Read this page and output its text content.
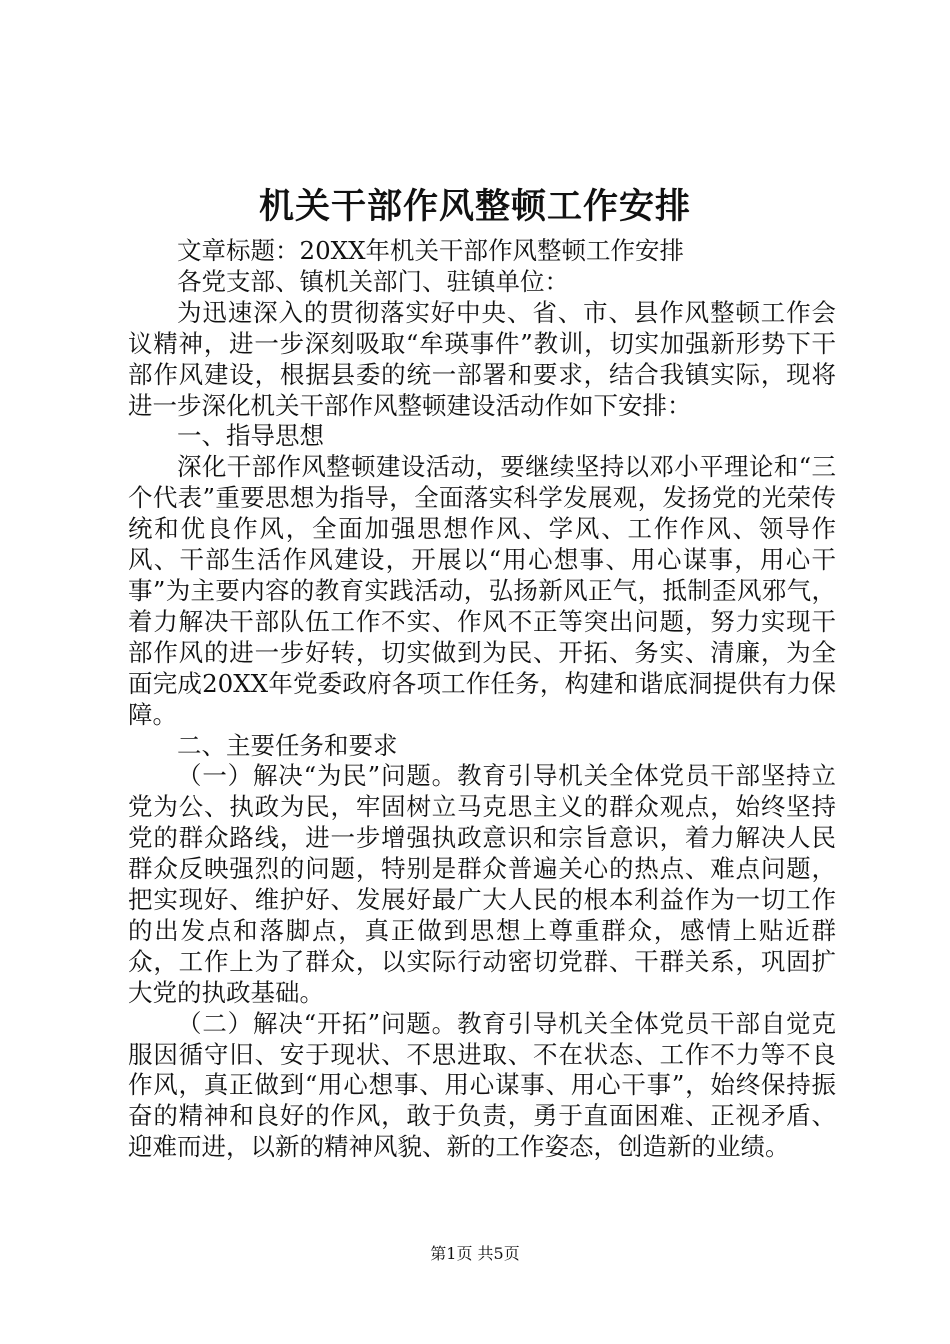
机关干部作风整顿工作安排

文章标题：20XX年机关干部作风整顿工作安排

各党支部、镇机关部门、驻镇单位：

为迅速深入的贯彻落实好中央、省、市、县作风整顿工作会议精神，进一步深刻吸取“牟瑛事件”教训，切实加强新形势下干部作风建设，根据县委的统一部署和要求，结合我镇实际，现将进一步深化机关干部作风整顿建设活动作如下安排：

一、指导思想

深化干部作风整顿建设活动，要继续坚持以邓小平理论和“三个代表”重要思想为指导，全面落实科学发展观，发扬党的光荣传统和优良作风，全面加强思想作风、学风、工作作风、领导作风、干部生活作风建设，开展以“用心想事、用心谋事，用心干事”为主要内容的教育实践活动，弘扬新风正气，抵制歪风邪气，着力解决干部队伍工作不实、作风不正等突出问题，努力实现干部作风的进一步好转，切实做到为民、开拓、务实、清廉，为全面完成20XX年党委政府各项工作任务，构建和谐底洞提供有力保障。

二、主要任务和要求

（一）解决“为民”问题。教育引导机关全体党员干部坚持立党为公、执政为民，牢固树立马克思主义的群众观点，始终坚持党的群众路线，进一步增强执政意识和宗旨意识，着力解决人民群众反映强烈的问题，特别是群众普遍关心的热点、难点问题，把实现好、维护好、发展好最广大人民的根本利益作为一切工作的出发点和落脚点，真正做到思想上尊重群众，感情上贴近群众，工作上为了群众，以实际行动密切党群、干群关系，巩固扩大党的执政基础。

（二）解决“开拓”问题。教育引导机关全体党员干部自觉克服因循守旧、安于现状、不思进取、不在状态、工作不力等不良作风，真正做到“用心想事、用心谋事、用心干事”，始终保持振奋的精神和良好的作风，敢于负责，勇于直面困难、正视矛盾、迎难而进，以新的精神风貌、新的工作姿态，创造新的业绩。

第1页 共5页
